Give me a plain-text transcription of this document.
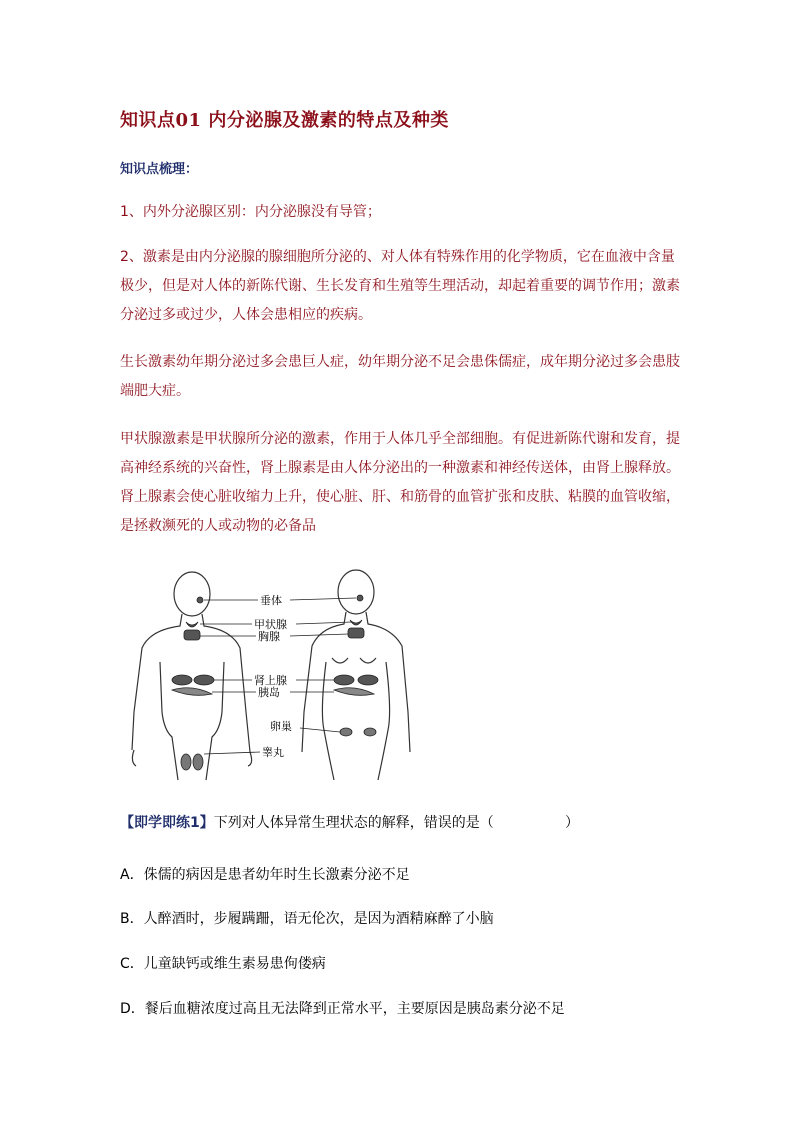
知识点01 内分泌腺及激素的特点及种类
知识点梳理：
1、内外分泌腺区别：内分泌腺没有导管；
2、激素是由内分泌腺的腺细胞所分泌的、对人体有特殊作用的化学物质，它在血液中含量极少，但是对人体的新陈代谢、生长发育和生殖等生理活动，却起着重要的调节作用；激素分泌过多或过少，人体会患相应的疾病。
生长激素幼年期分泌过多会患巨人症，幼年期分泌不足会患侏儒症，成年期分泌过多会患肢端肥大症。
甲状腺激素是甲状腺所分泌的激素，作用于人体几乎全部细胞。有促进新陈代谢和发育，提高神经系统的兴奋性，肾上腺素是由人体分泌出的一种激素和神经传送体，由肾上腺释放。肾上腺素会使心脏收缩力上升，使心脏、肝、和筋骨的血管扩张和皮肤、粘膜的血管收缩，是拯救濒死的人或动物的必备品
垂体
甲状腺
胸腺
肾上腺
胰岛
卵巢
睾丸
【即学即练1】下列对人体异常生理状态的解释，错误的是（                ）
A．侏儒的病因是患者幼年时生长激素分泌不足
B．人醉酒时，步履蹒跚，语无伦次，是因为酒精麻醉了小脑
C．儿童缺钙或维生素易患佝偻病
D．餐后血糖浓度过高且无法降到正常水平，主要原因是胰岛素分泌不足
